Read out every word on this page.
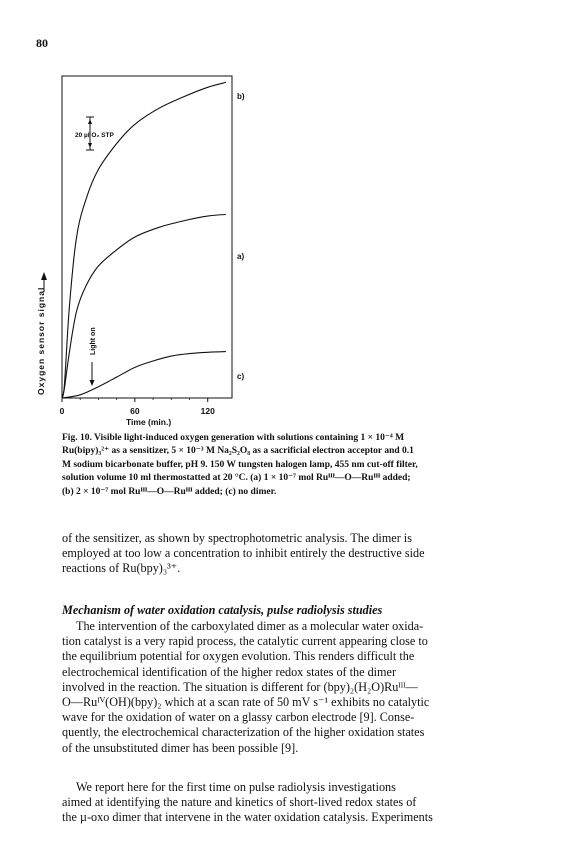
80
0	60	120
Oxygen sensor signal
Time (min.)
20 µl O₂ STP
Light on
b)
a)
c)
Fig. 10. Visible light-induced oxygen generation with solutions containing 1 × 10⁻⁴ M
Ru(bipy)₃²⁺ as a sensitizer, 5 × 10⁻³ M Na₂S₂O₈ as a sacrificial electron acceptor and 0.1
M sodium bicarbonate buffer, pH 9. 150 W tungsten halogen lamp, 455 nm cut-off filter,
solution volume 10 ml thermostatted at 20 °C. (a) 1 × 10⁻⁷ mol Ruᴵᴵᴵ—O—Ruᴵᴵᴵ added;
(b) 2 × 10⁻⁷ mol Ruᴵᴵᴵ—O—Ruᴵᴵᴵ added; (c) no dimer.
of the sensitizer, as shown by spectrophotometric analysis. The dimer is
employed at too low a concentration to inhibit entirely the destructive side
reactions of Ru(bpy)₃³⁺.
Mechanism of water oxidation catalysis, pulse radiolysis studies
The intervention of the carboxylated dimer as a molecular water oxida-
tion catalyst is a very rapid process, the catalytic current appearing close to
the equilibrium potential for oxygen evolution. This renders difficult the
electrochemical identification of the higher redox states of the dimer
involved in the reaction. The situation is different for (bpy)₂(H₂O)Ruᴵᴵᴵ—
O—Ruᴵⱽ(OH)(bpy)₂ which at a scan rate of 50 mV s⁻¹ exhibits no catalytic
wave for the oxidation of water on a glassy carbon electrode [9]. Conse-
quently, the electrochemical characterization of the higher oxidation states
of the unsubstituted dimer has been possible [9].
We report here for the first time on pulse radiolysis investigations
aimed at identifying the nature and kinetics of short-lived redox states of
the µ-oxo dimer that intervene in the water oxidation catalysis. Experiments
